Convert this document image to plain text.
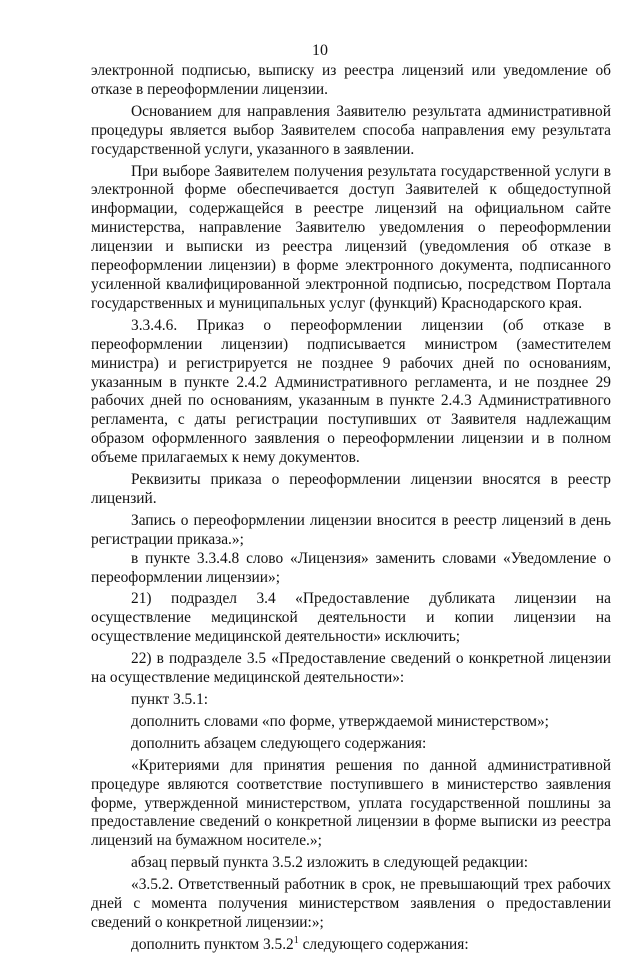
10

электронной подписью, выписку из реестра лицензий или уведомление об отказе в переоформлении лицензии.

Основанием для направления Заявителю результата административной процедуры является выбор Заявителем способа направления ему результата государственной услуги, указанного в заявлении.

При выборе Заявителем получения результата государственной услуги в электронной форме обеспечивается доступ Заявителей к общедоступной информации, содержащейся в реестре лицензий на официальном сайте министерства, направление Заявителю уведомления о переоформлении лицензии и выписки из реестра лицензий (уведомления об отказе в переоформлении лицензии) в форме электронного документа, подписанного усиленной квалифицированной электронной подписью, посредством Портала государственных и муниципальных услуг (функций) Краснодарского края.

3.3.4.6. Приказ о переоформлении лицензии (об отказе в переоформлении лицензии) подписывается министром (заместителем министра) и регистрируется не позднее 9 рабочих дней по основаниям, указанным в пункте 2.4.2 Административного регламента, и не позднее 29 рабочих дней по основаниям, указанным в пункте 2.4.3 Административного регламента, с даты регистрации поступивших от Заявителя надлежащим образом оформленного заявления о переоформлении лицензии и в полном объеме прилагаемых к нему документов.

Реквизиты приказа о переоформлении лицензии вносятся в реестр лицензий.

Запись о переоформлении лицензии вносится в реестр лицензий в день регистрации приказа.»;

в пункте 3.3.4.8 слово «Лицензия» заменить словами «Уведомление о переоформлении лицензии»;

21) подраздел 3.4 «Предоставление дубликата лицензии на осуществление медицинской деятельности и копии лицензии на осуществление медицинской деятельности» исключить;

22) в подразделе 3.5 «Предоставление сведений о конкретной лицензии на осуществление медицинской деятельности»:

пункт 3.5.1:

дополнить словами «по форме, утверждаемой министерством»;

дополнить абзацем следующего содержания:

«Критериями для принятия решения по данной административной процедуре являются соответствие поступившего в министерство заявления форме, утвержденной министерством, уплата государственной пошлины за предоставление сведений о конкретной лицензии в форме выписки из реестра лицензий на бумажном носителе.»;

абзац первый пункта 3.5.2 изложить в следующей редакции:

«3.5.2. Ответственный работник в срок, не превышающий трех рабочих дней с момента получения министерством заявления о предоставлении сведений о конкретной лицензии:»;

дополнить пунктом 3.5.2$^1$ следующего содержания:
